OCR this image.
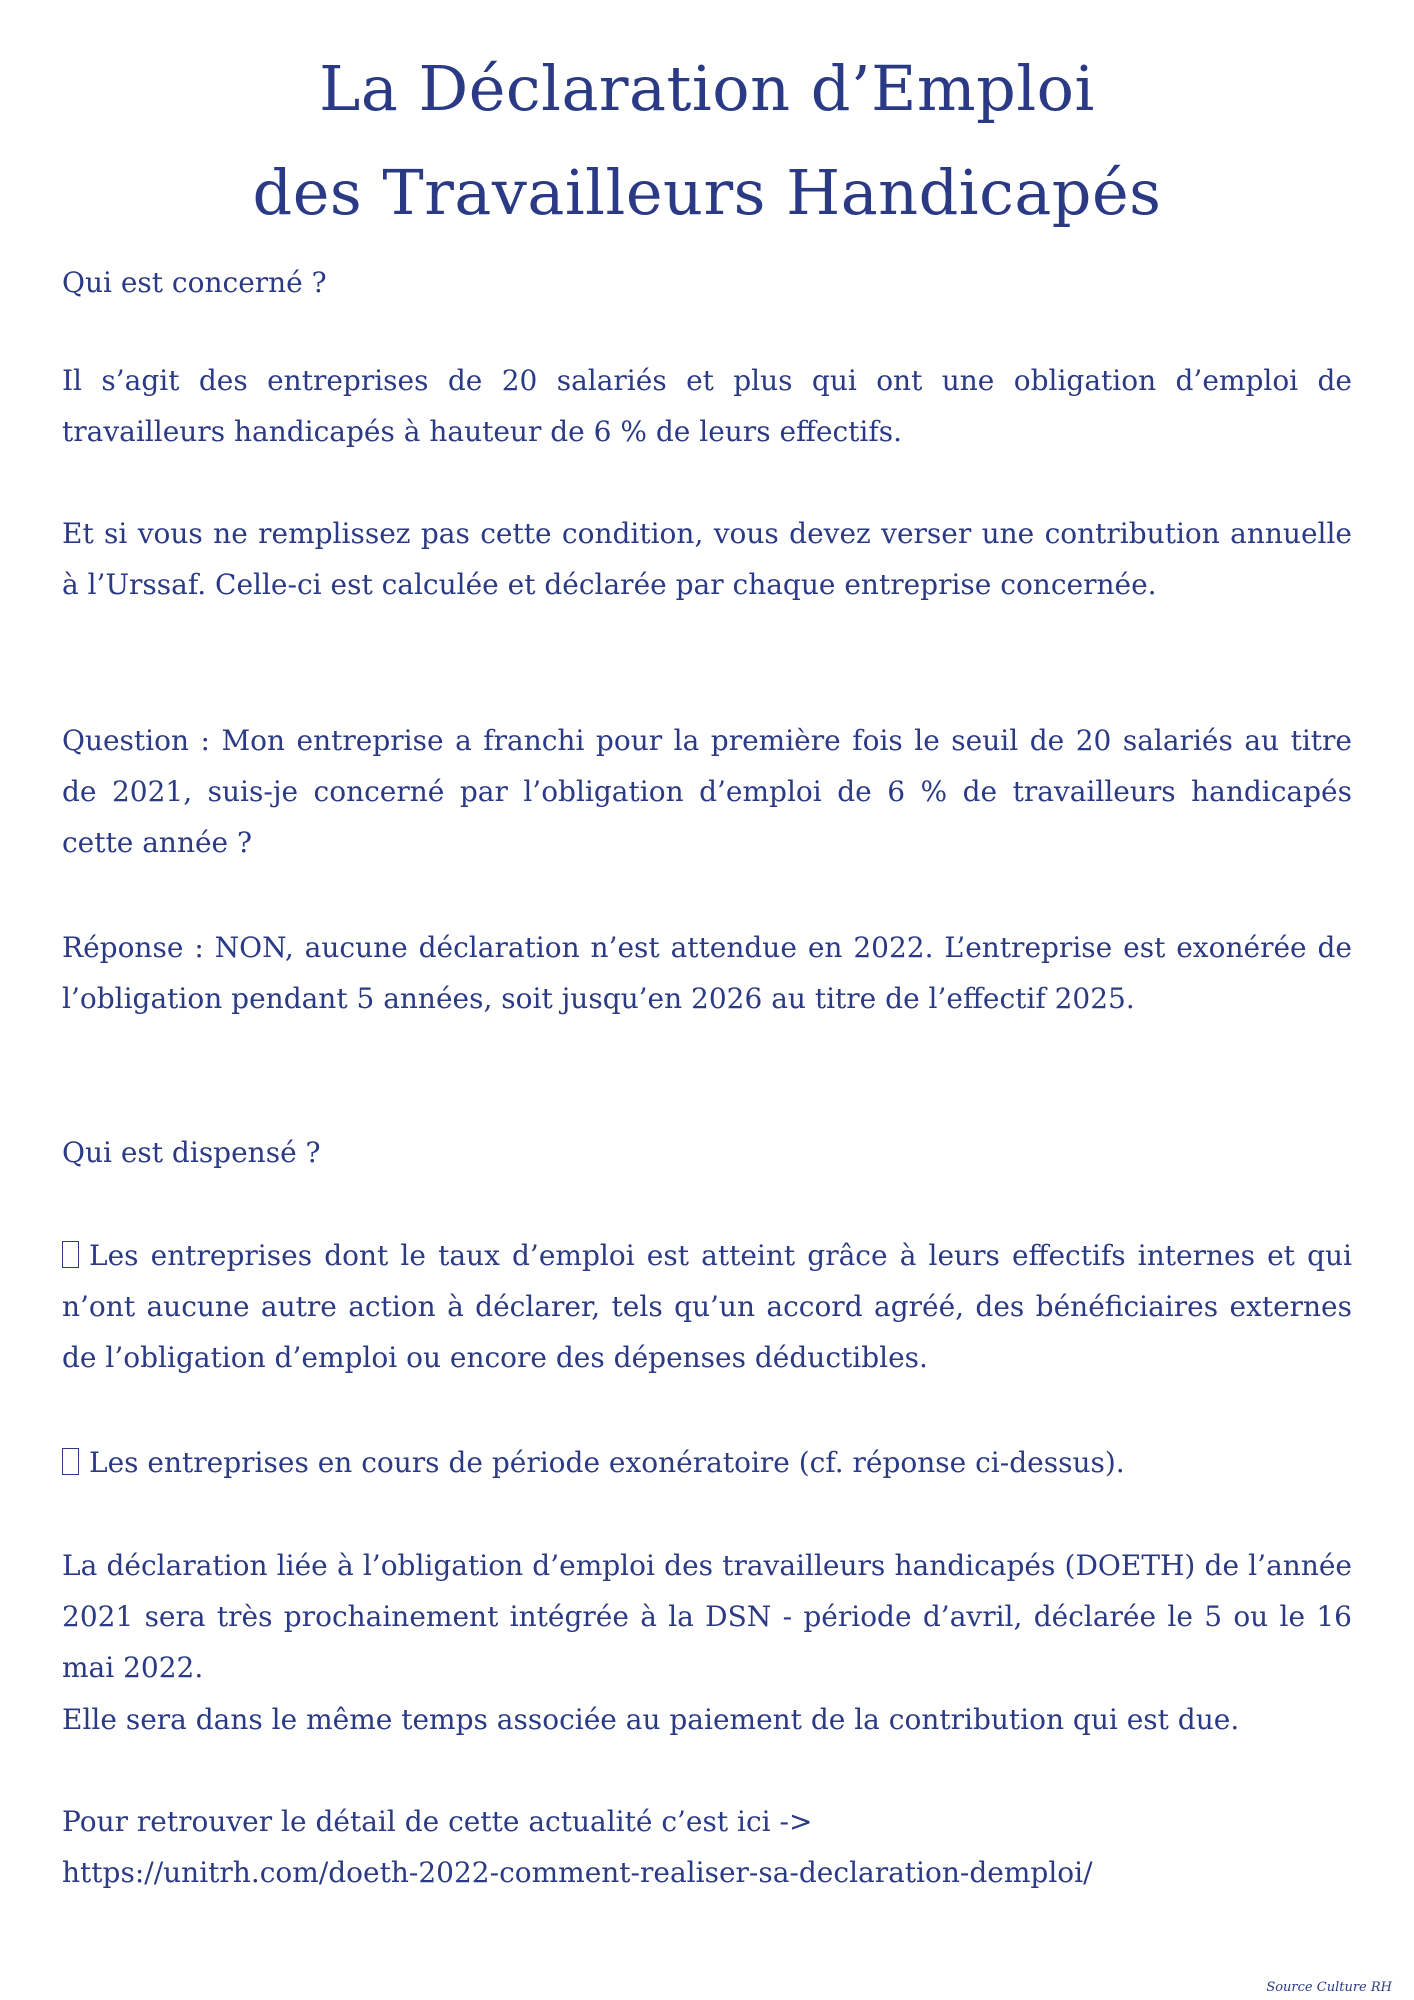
La Déclaration d’Emploi
des Travailleurs Handicapés

Qui est concerné ?

Il s’agit des entreprises de 20 salariés et plus qui ont une obligation d’emploi de travailleurs handicapés à hauteur de 6 % de leurs effectifs.

Et si vous ne remplissez pas cette condition, vous devez verser une contribution annuelle à l’Urssaf. Celle-ci est calculée et déclarée par chaque entreprise concernée.

Question : Mon entreprise a franchi pour la première fois le seuil de 20 salariés au titre de 2021, suis-je concerné par l’obligation d’emploi de 6 % de travailleurs handicapés cette année ?

Réponse : NON, aucune déclaration n’est attendue en 2022. L’entreprise est exonérée de l’obligation pendant 5 années, soit jusqu’en 2026 au titre de l’effectif 2025.

Qui est dispensé ?

Les entreprises dont le taux d’emploi est atteint grâce à leurs effectifs internes et qui n’ont aucune autre action à déclarer, tels qu’un accord agréé, des bénéficiaires externes de l’obligation d’emploi ou encore des dépenses déductibles.

Les entreprises en cours de période exonératoire (cf. réponse ci-dessus).

La déclaration liée à l’obligation d’emploi des travailleurs handicapés (DOETH) de l’année 2021 sera très prochainement intégrée à la DSN - période d’avril, déclarée le 5 ou le 16 mai 2022.

Elle sera dans le même temps associée au paiement de la contribution qui est due.

Pour retrouver le détail de cette actualité c’est ici ->

https://unitrh.com/doeth-2022-comment-realiser-sa-declaration-demploi/

Source Culture RH
